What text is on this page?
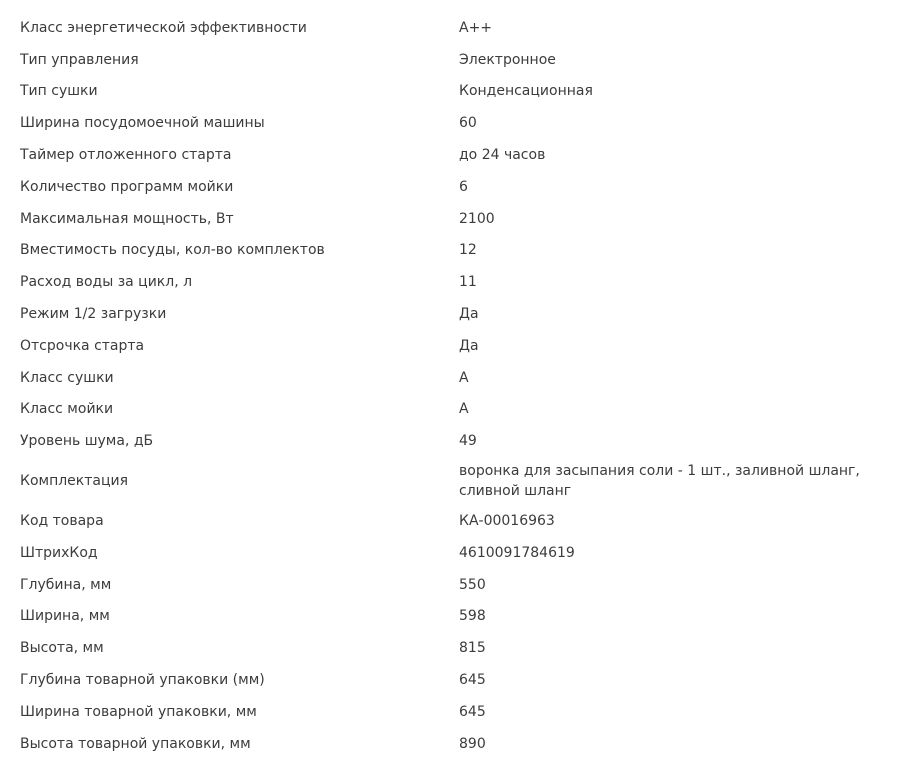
Класс энергетической эффективности	A++
Тип управления	Электронное
Тип сушки	Конденсационная
Ширина посудомоечной машины	60
Таймер отложенного старта	до 24 часов
Количество программ мойки	6
Максимальная мощность, Вт	2100
Вместимость посуды, кол-во комплектов	12
Расход воды за цикл, л	11
Режим 1/2 загрузки	Да
Отсрочка старта	Да
Класс сушки	A
Класс мойки	A
Уровень шума, дБ	49
Комплектация	воронка для засыпания соли - 1 шт., заливной шланг, сливной шланг
Код товара	КА-00016963
ШтрихКод	4610091784619
Глубина, мм	550
Ширина, мм	598
Высота, мм	815
Глубина товарной упаковки (мм)	645
Ширина товарной упаковки, мм	645
Высота товарной упаковки, мм	890
